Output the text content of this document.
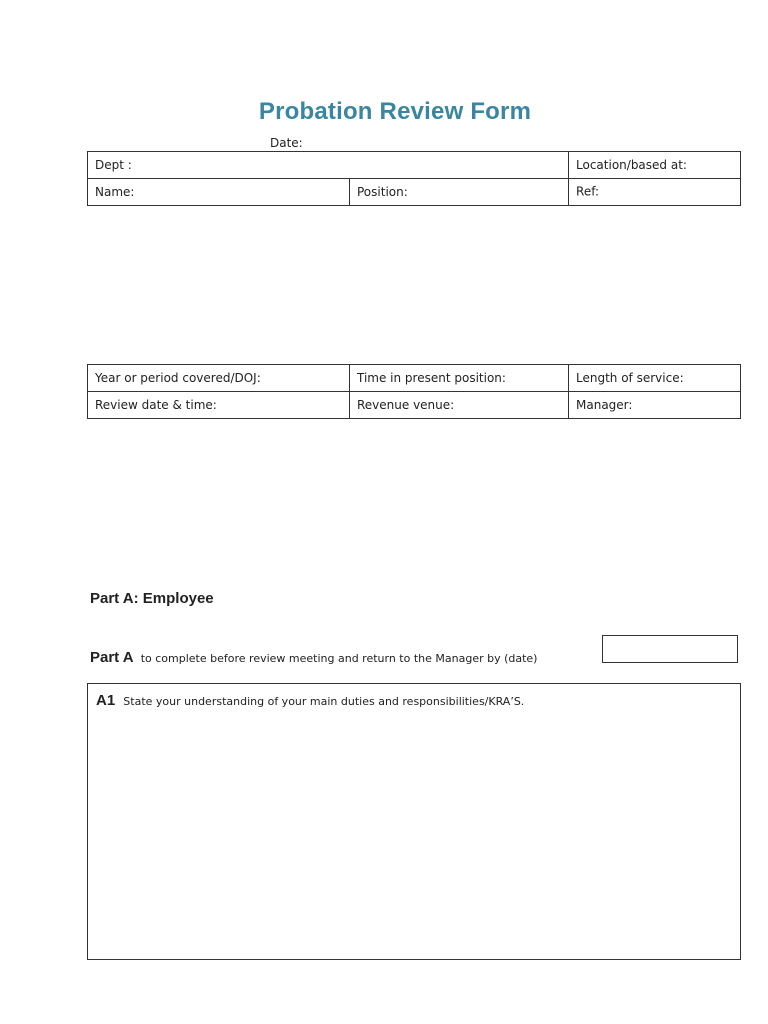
Probation Review Form
Date:
Dept :		Location/based at:
Name:	Position:	Ref:
Year or period covered/DOJ:	Time in present position:	Length of service:
Review date & time:	Revenue venue:	Manager:
Part A: Employee
Part A to complete before review meeting and return to the Manager by (date)
A1 State your understanding of your main duties and responsibilities/KRA’S.
